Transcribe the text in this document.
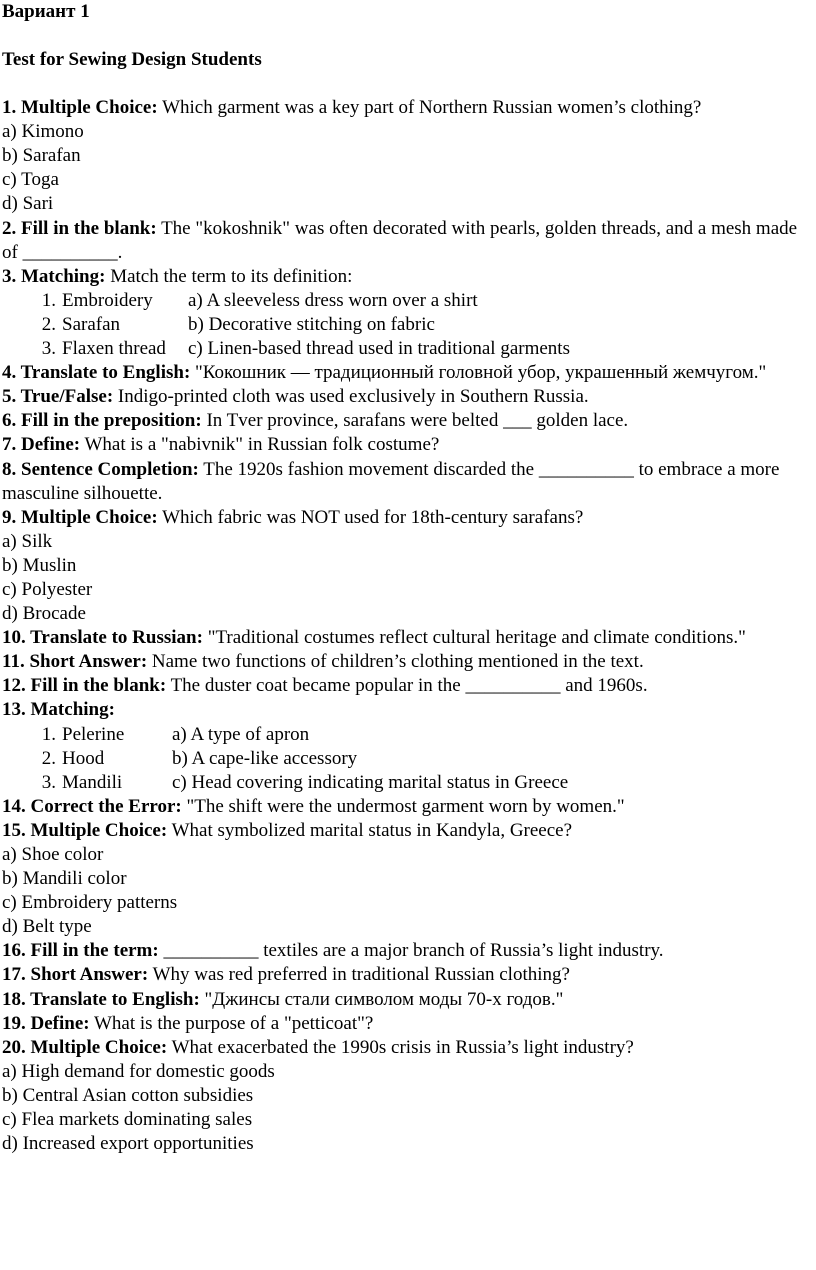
Вариант 1
Test for Sewing Design Students
1. Multiple Choice: Which garment was a key part of Northern Russian women’s clothing?
a) Kimono
b) Sarafan
c) Toga
d) Sari
2. Fill in the blank: The "kokoshnik" was often decorated with pearls, golden threads, and a mesh made of __________.
3. Matching: Match the term to its definition:
1. Embroidery	a) A sleeveless dress worn over a shirt
2. Sarafan	b) Decorative stitching on fabric
3. Flaxen thread	c) Linen-based thread used in traditional garments
4. Translate to English: "Кокошник — традиционный головной убор, украшенный жемчугом."
5. True/False: Indigo-printed cloth was used exclusively in Southern Russia.
6. Fill in the preposition: In Tver province, sarafans were belted ___ golden lace.
7. Define: What is a "nabivnik" in Russian folk costume?
8. Sentence Completion: The 1920s fashion movement discarded the __________ to embrace a more masculine silhouette.
9. Multiple Choice: Which fabric was NOT used for 18th-century sarafans?
a) Silk
b) Muslin
c) Polyester
d) Brocade
10. Translate to Russian: "Traditional costumes reflect cultural heritage and climate conditions."
11. Short Answer: Name two functions of children’s clothing mentioned in the text.
12. Fill in the blank: The duster coat became popular in the __________ and 1960s.
13. Matching:
1. Pelerine	a) A type of apron
2. Hood	b) A cape-like accessory
3. Mandili	c) Head covering indicating marital status in Greece
14. Correct the Error: "The shift were the undermost garment worn by women."
15. Multiple Choice: What symbolized marital status in Kandyla, Greece?
a) Shoe color
b) Mandili color
c) Embroidery patterns
d) Belt type
16. Fill in the term: __________ textiles are a major branch of Russia’s light industry.
17. Short Answer: Why was red preferred in traditional Russian clothing?
18. Translate to English: "Джинсы стали символом моды 70-х годов."
19. Define: What is the purpose of a "petticoat"?
20. Multiple Choice: What exacerbated the 1990s crisis in Russia’s light industry?
a) High demand for domestic goods
b) Central Asian cotton subsidies
c) Flea markets dominating sales
d) Increased export opportunities
